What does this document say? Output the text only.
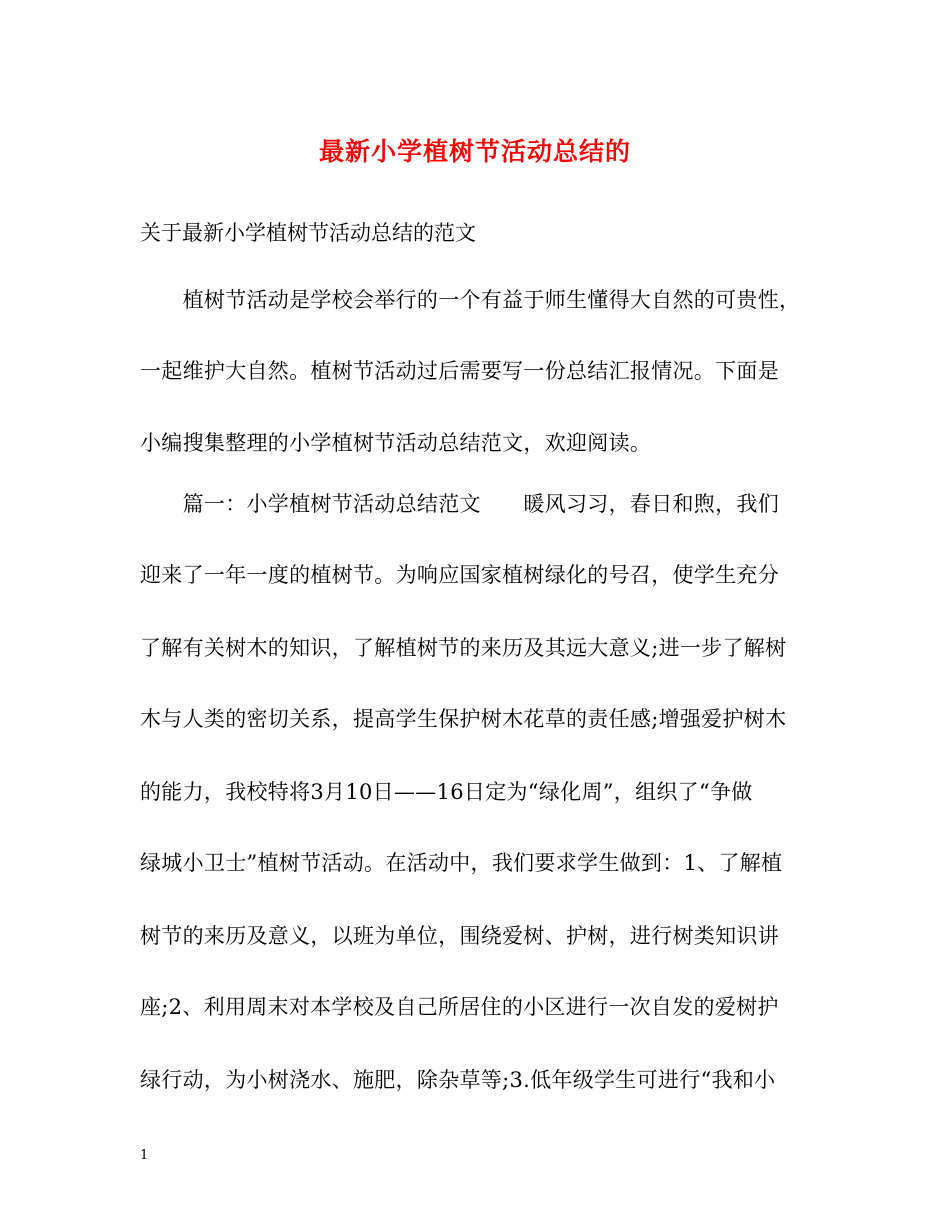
最新小学植树节活动总结的
关于最新小学植树节活动总结的范文
　　植树节活动是学校会举行的一个有益于师生懂得大自然的可贵性，
一起维护大自然。植树节活动过后需要写一份总结汇报情况。下面是
小编搜集整理的小学植树节活动总结范文，欢迎阅读。
　　篇一：小学植树节活动总结范文　　暖风习习，春日和煦，我们
迎来了一年一度的植树节。为响应国家植树绿化的号召，使学生充分
了解有关树木的知识，了解植树节的来历及其远大意义;进一步了解树
木与人类的密切关系，提高学生保护树木花草的责任感;增强爱护树木
的能力，我校特将3月10日——16日定为“绿化周”，组织了“争做
绿城小卫士”植树节活动。在活动中，我们要求学生做到：1、了解植
树节的来历及意义，以班为单位，围绕爱树、护树，进行树类知识讲
座;2、利用周末对本学校及自己所居住的小区进行一次自发的爱树护
绿行动，为小树浇水、施肥，除杂草等;3.低年级学生可进行“我和小
1
